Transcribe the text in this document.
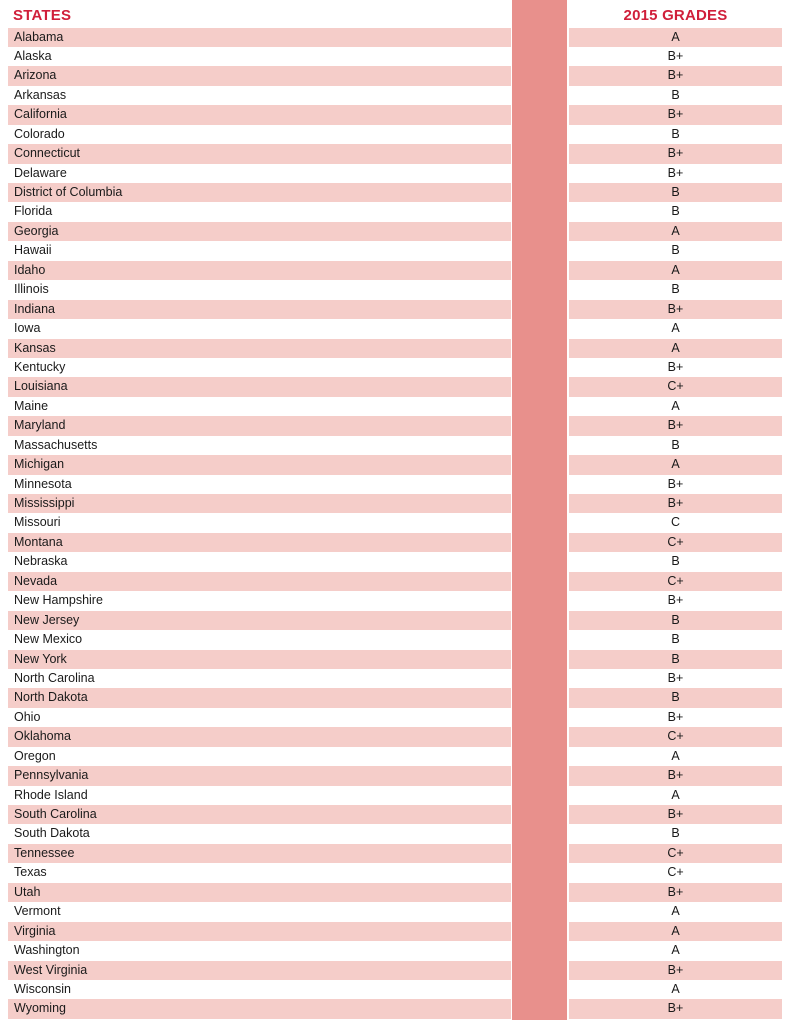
STATES	2015 GRADES
Alabama	A
Alaska	B+
Arizona	B+
Arkansas	B
California	B+
Colorado	B
Connecticut	B+
Delaware	B+
District of Columbia	B
Florida	B
Georgia	A
Hawaii	B
Idaho	A
Illinois	B
Indiana	B+
Iowa	A
Kansas	A
Kentucky	B+
Louisiana	C+
Maine	A
Maryland	B+
Massachusetts	B
Michigan	A
Minnesota	B+
Mississippi	B+
Missouri	C
Montana	C+
Nebraska	B
Nevada	C+
New Hampshire	B+
New Jersey	B
New Mexico	B
New York	B
North Carolina	B+
North Dakota	B
Ohio	B+
Oklahoma	C+
Oregon	A
Pennsylvania	B+
Rhode Island	A
South Carolina	B+
South Dakota	B
Tennessee	C+
Texas	C+
Utah	B+
Vermont	A
Virginia	A
Washington	A
West Virginia	B+
Wisconsin	A
Wyoming	B+
